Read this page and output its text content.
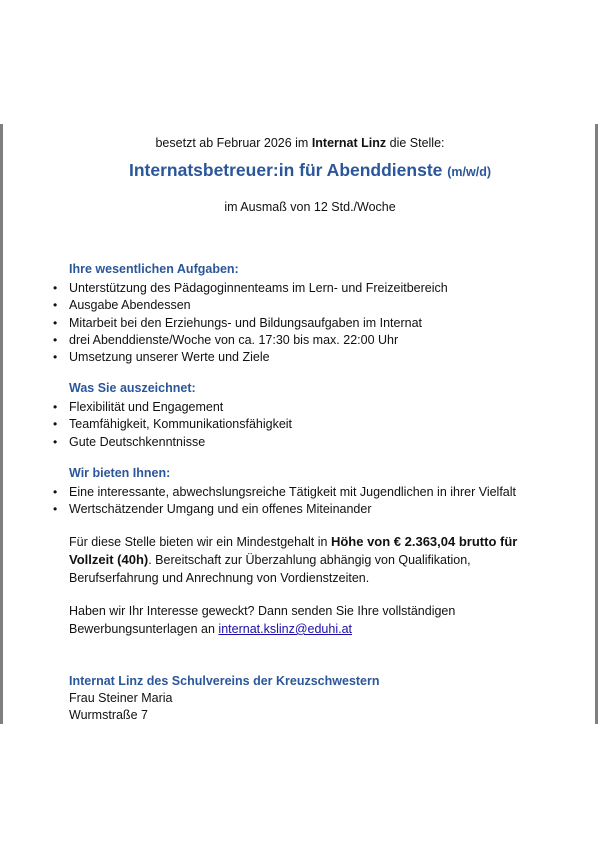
besetzt ab Februar 2026 im Internat Linz die Stelle:
Internatsbetreuer:in für Abenddienste (m/w/d)
im Ausmaß von 12 Std./Woche
Ihre wesentlichen Aufgaben:
• Unterstützung des Pädagoginnenteams im Lern- und Freizeitbereich
• Ausgabe Abendessen
• Mitarbeit bei den Erziehungs- und Bildungsaufgaben im Internat
• drei Abenddienste/Woche von ca. 17:30 bis max. 22:00 Uhr
• Umsetzung unserer Werte und Ziele
Was Sie auszeichnet:
• Flexibilität und Engagement
• Teamfähigkeit, Kommunikationsfähigkeit
• Gute Deutschkenntnisse
Wir bieten Ihnen:
• Eine interessante, abwechslungsreiche Tätigkeit mit Jugendlichen in ihrer Vielfalt
• Wertschätzender Umgang und ein offenes Miteinander
Für diese Stelle bieten wir ein Mindestgehalt in Höhe von € 2.363,04 brutto für Vollzeit (40h). Bereitschaft zur Überzahlung abhängig von Qualifikation, Berufserfahrung und Anrechnung von Vordienstzeiten.
Haben wir Ihr Interesse geweckt? Dann senden Sie Ihre vollständigen Bewerbungsunterlagen an internat.kslinz@eduhi.at
Internat Linz des Schulvereins der Kreuzschwestern
Frau Steiner Maria
Wurmstraße 7
